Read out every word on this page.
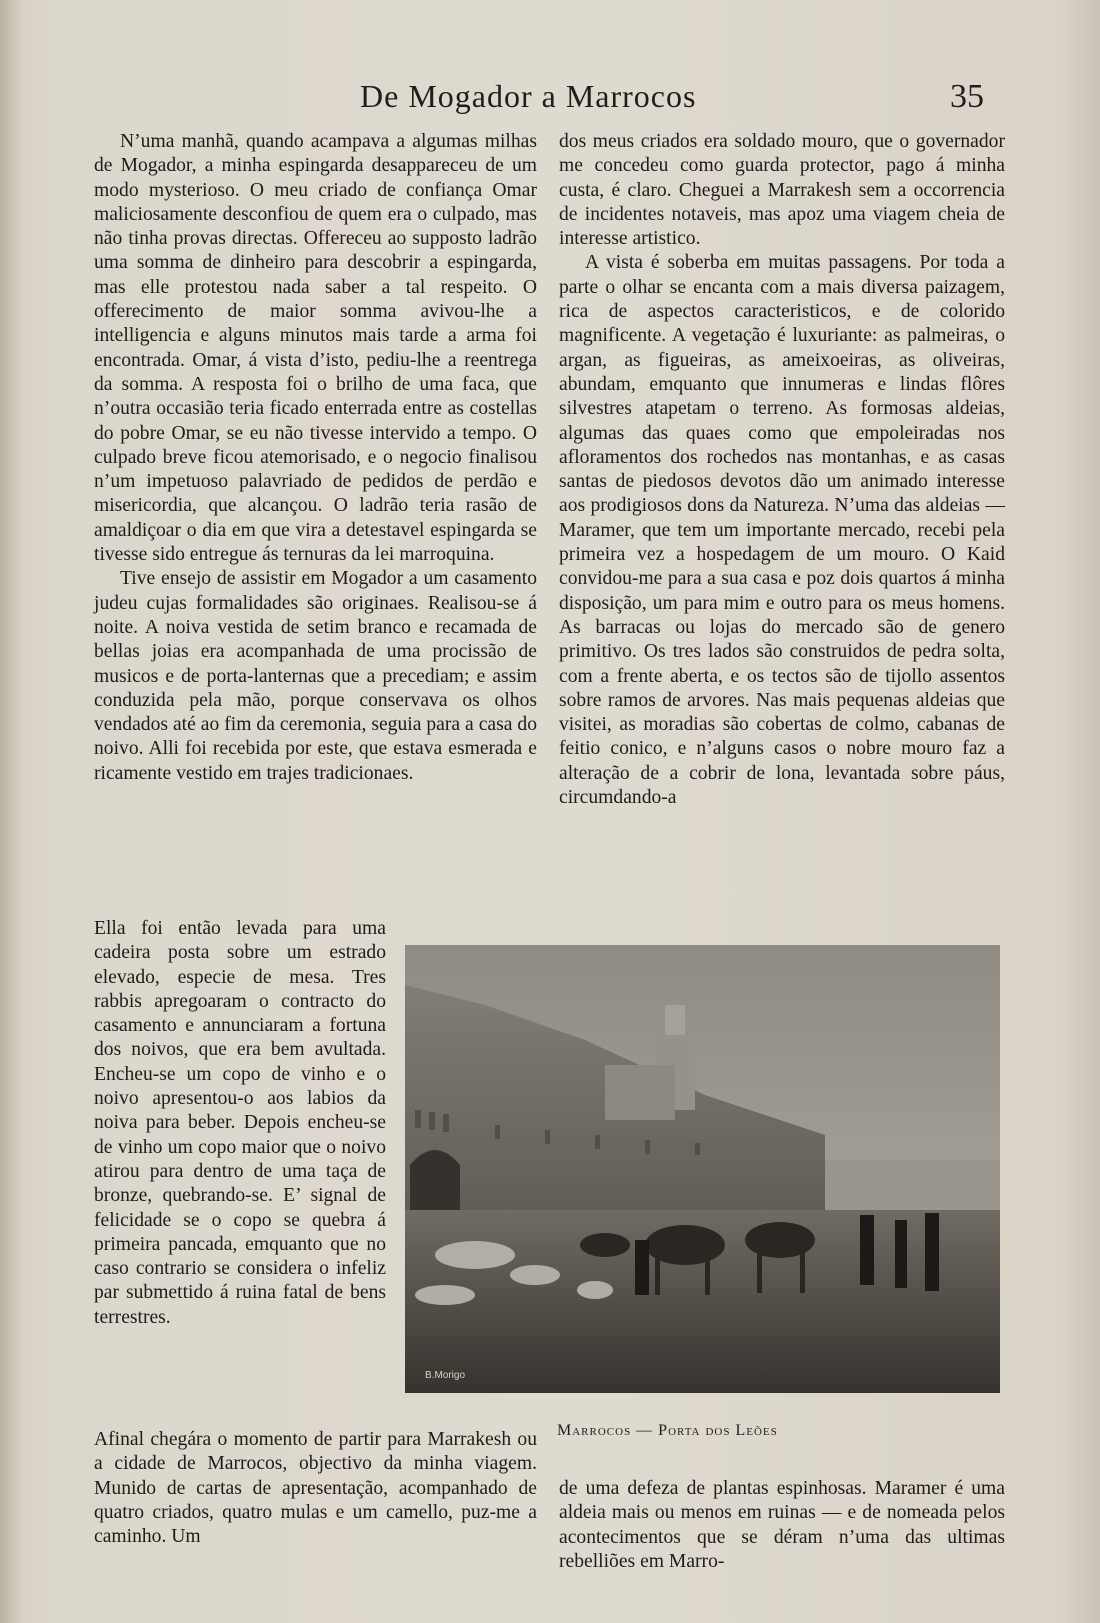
De Mogador a Marrocos	35

N’uma manhã, quando acampava a algumas milhas de Mogador, a minha espingarda desappareceu de um modo mysterioso. O meu criado de confiança Omar maliciosamente desconfiou de quem era o culpado, mas não tinha provas directas. Offereceu ao supposto ladrão uma somma de dinheiro para descobrir a espingarda, mas elle protestou nada saber a tal respeito. O offerecimento de maior somma avivou-lhe a intelligencia e alguns minutos mais tarde a arma foi encontrada. Omar, á vista d’isto, pediu-lhe a reentrega da somma. A resposta foi o brilho de uma faca, que n’outra occasião teria ficado enterrada entre as costellas do pobre Omar, se eu não tivesse intervido a tempo. O culpado breve ficou atemorisado, e o negocio finalisou n’um impetuoso palavriado de pedidos de perdão e misericordia, que alcançou. O ladrão teria rasão de amaldiçoar o dia em que vira a detestavel espingarda se tivesse sido entregue ás ternuras da lei marroquina.

Tive ensejo de assistir em Mogador a um casamento judeu cujas formalidades são originaes. Realisou-se á noite. A noiva vestida de setim branco e recamada de bellas joias era acompanhada de uma procissão de musicos e de porta-lanternas que a precediam; e assim conduzida pela mão, porque conservava os olhos vendados até ao fim da ceremonia, seguia para a casa do noivo. Alli foi recebida por este, que estava esmerada e ricamente vestido em trajes tradicionaes.

Ella foi então levada para uma cadeira posta sobre um estrado elevado, especie de mesa. Tres rabbis apregoaram o contracto do casamento e annunciaram a fortuna dos noivos, que era bem avultada. Encheu-se um copo de vinho e o noivo apresentou-o aos labios da noiva para beber. Depois encheu-se de vinho um copo maior que o noivo atirou para dentro de uma taça de bronze, quebrando-se. E’ signal de felicidade se o copo se quebra á primeira pancada, emquanto que no caso contrario se considera o infeliz par submettido á ruina fatal de bens terrestres.

Afinal chegára o momento de partir para Marrakesh ou a cidade de Marrocos, objectivo da minha viagem. Munido de cartas de apresentação, acompanhado de quatro criados, quatro mulas e um camello, puz-me a caminho. Um

dos meus criados era soldado mouro, que o governador me concedeu como guarda protector, pago á minha custa, é claro. Cheguei a Marrakesh sem a occorrencia de incidentes notaveis, mas apoz uma viagem cheia de interesse artistico.

A vista é soberba em muitas passagens. Por toda a parte o olhar se encanta com a mais diversa paizagem, rica de aspectos caracteristicos, e de colorido magnificente. A vegetação é luxuriante: as palmeiras, o argan, as figueiras, as ameixoeiras, as oliveiras, abundam, emquanto que innumeras e lindas flôres silvestres atapetam o terreno. As formosas aldeias, algumas das quaes como que empoleiradas nos afloramentos dos rochedos nas montanhas, e as casas santas de piedosos devotos dão um animado interesse aos prodigiosos dons da Natureza. N’uma das aldeias — Maramer, que tem um importante mercado, recebi pela primeira vez a hospedagem de um mouro. O Kaid convidou-me para a sua casa e poz dois quartos á minha disposição, um para mim e outro para os meus homens. As barracas ou lojas do mercado são de genero primitivo. Os tres lados são construidos de pedra solta, com a frente aberta, e os tectos são de tijollo assentos sobre ramos de arvores. Nas mais pequenas aldeias que visitei, as moradias são cobertas de colmo, cabanas de feitio conico, e n’alguns casos o nobre mouro faz a alteração de a cobrir de lona, levantada sobre páus, circumdando-a

de uma defeza de plantas espinhosas. Maramer é uma aldeia mais ou menos em ruinas — e de nomeada pelos acontecimentos que se déram n’uma das ultimas rebelliões em Marro-

B.Morigo
Marrocos — Porta dos Leões
